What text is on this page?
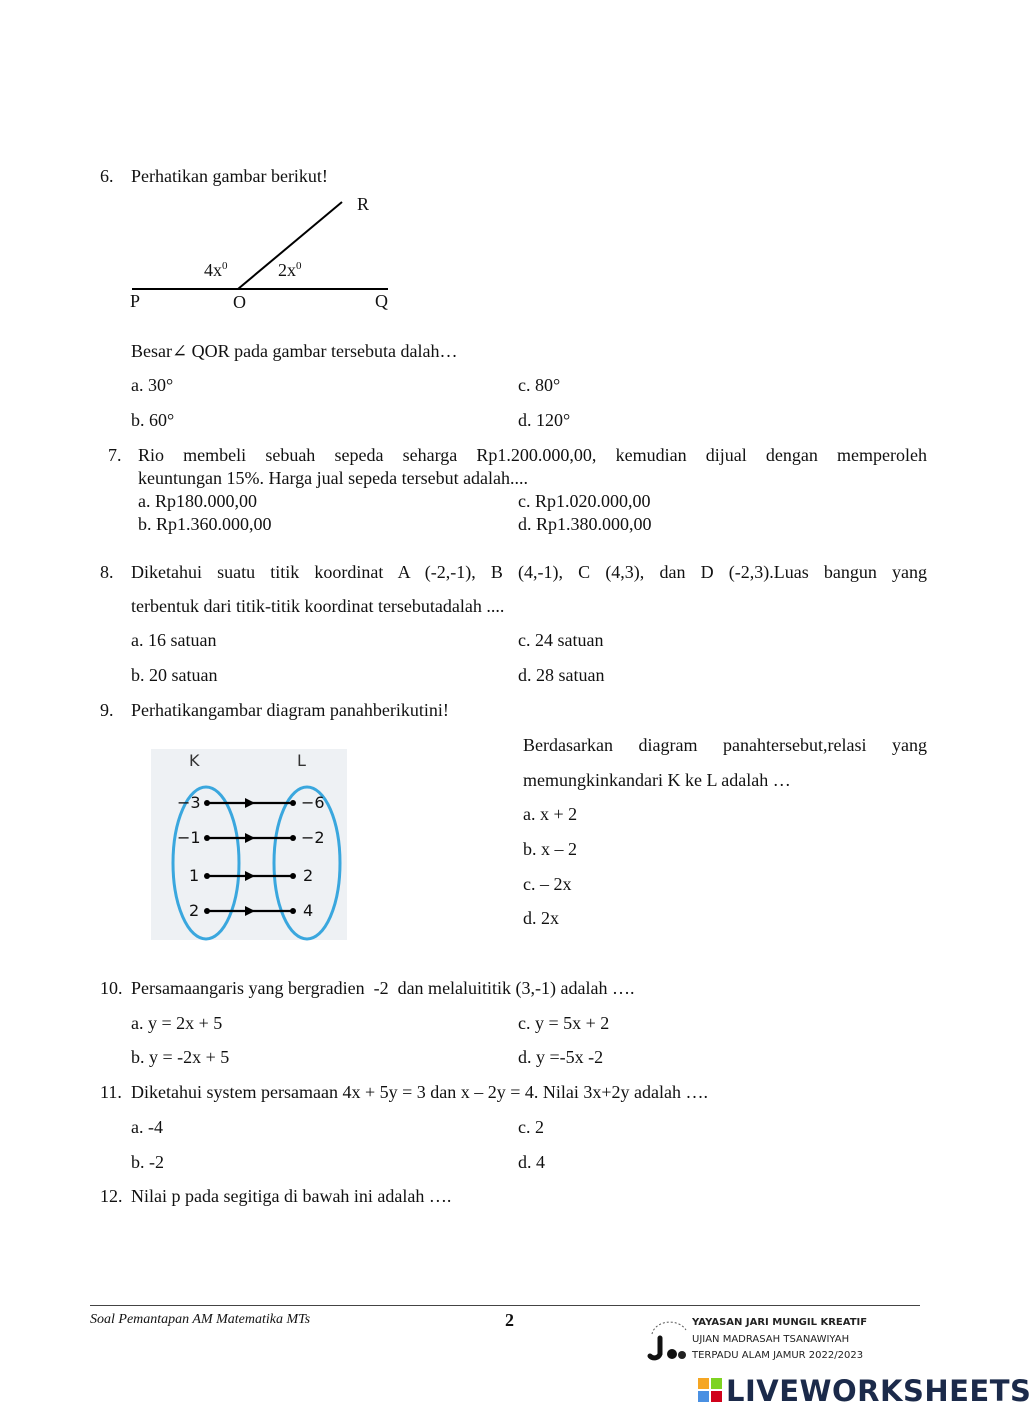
6. Perhatikan gambar berikut!
R
P	O	Q
$4x^0$	$2x^0$
Besar∠ QOR pada gambar tersebuta dalah…
a. 30°	c. 80°
b. 60°	d. 120°
7. Rio membeli sebuah sepeda seharga Rp1.200.000,00, kemudian dijual dengan memperoleh
keuntungan 15%. Harga jual sepeda tersebut adalah....
a. Rp180.000,00	c. Rp1.020.000,00
b. Rp1.360.000,00	d. Rp1.380.000,00
8. Diketahui suatu titik koordinat A (-2,-1), B (4,-1), C (4,3), dan D (-2,3).Luas bangun yang
terbentuk dari titik-titik koordinat tersebutadalah ....
a. 16 satuan	c. 24 satuan
b. 20 satuan	d. 28 satuan
9. Perhatikangambar diagram panahberikutini!
K	L
−3
−1
1
2
−6
−2
2
4
Berdasarkan diagram panahtersebut,relasi yang
memungkinkandari K ke L adalah …
a. x + 2
b. x – 2
c. – 2x
d. 2x
10. Persamaangaris yang bergradien  -2  dan melaluititik (3,-1) adalah ….
a. y = 2x + 5	c. y = 5x + 2
b. y = -2x + 5	d. y =-5x -2
11. Diketahui system persamaan 4x + 5y = 3 dan x – 2y = 4. Nilai 3x+2y adalah ….
a. -4	c. 2
b. -2	d. 4
12. Nilai p pada segitiga di bawah ini adalah ….
Soal Pemantapan AM Matematika MTs	2	YAYASAN JARI MUNGIL KREATIF
UJIAN MADRASAH TSANAWIYAH
TERPADU ALAM JAMUR 2022/2023
LIVEWORKSHEETS
